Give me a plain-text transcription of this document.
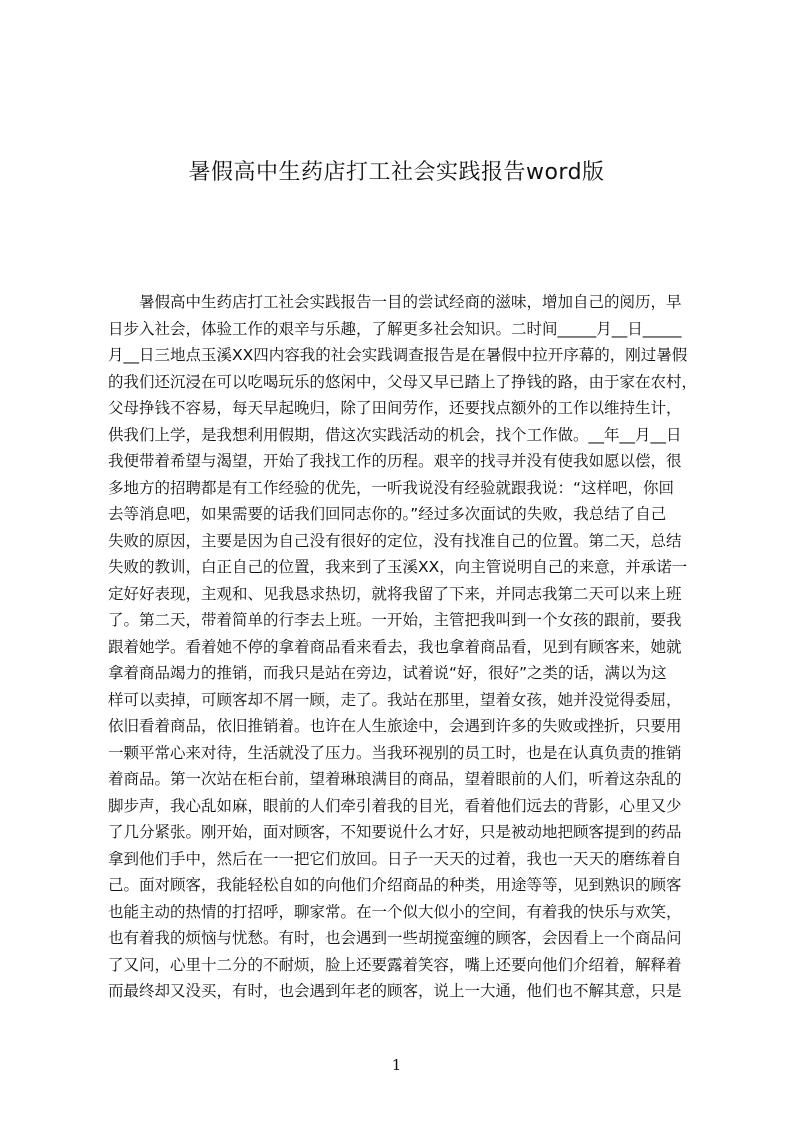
暑假高中生药店打工社会实践报告word版
　　暑假高中生药店打工社会实践报告一目的尝试经商的滋味，增加自己的阅历，早
日步入社会，体验工作的艰辛与乐趣，了解更多社会知识。二时间_____月__日_____
月__日三地点玉溪XX四内容我的社会实践调查报告是在暑假中拉开序幕的，刚过暑假
的我们还沉浸在可以吃喝玩乐的悠闲中，父母又早已踏上了挣钱的路，由于家在农村，
父母挣钱不容易，每天早起晚归，除了田间劳作，还要找点额外的工作以维持生计，
供我们上学，是我想利用假期，借这次实践活动的机会，找个工作做。__年__月__日
我便带着希望与渴望，开始了我找工作的历程。艰辛的找寻并没有使我如愿以偿，很
多地方的招聘都是有工作经验的优先，一听我说没有经验就跟我说：“这样吧，你回
去等消息吧，如果需要的话我们回同志你的。”经过多次面试的失败，我总结了自己
失败的原因，主要是因为自己没有很好的定位，没有找准自己的位置。第二天，总结
失败的教训，白正自己的位置，我来到了玉溪XX，向主管说明自己的来意，并承诺一
定好好表现，主观和、见我恳求热切，就将我留了下来，并同志我第二天可以来上班
了。第二天，带着简单的行李去上班。一开始，主管把我叫到一个女孩的跟前，要我
跟着她学。看着她不停的拿着商品看来看去，我也拿着商品看，见到有顾客来，她就
拿着商品竭力的推销，而我只是站在旁边，试着说“好，很好”之类的话，满以为这
样可以卖掉，可顾客却不屑一顾，走了。我站在那里，望着女孩，她并没觉得委屈，
依旧看着商品，依旧推销着。也许在人生旅途中，会遇到许多的失败或挫折，只要用
一颗平常心来对待，生活就没了压力。当我环视别的员工时，也是在认真负责的推销
着商品。第一次站在柜台前，望着琳琅满目的商品，望着眼前的人们，听着这杂乱的
脚步声，我心乱如麻，眼前的人们牵引着我的目光，看着他们远去的背影，心里又少
了几分紧张。刚开始，面对顾客，不知要说什么才好，只是被动地把顾客提到的药品
拿到他们手中，然后在一一把它们放回。日子一天天的过着，我也一天天的磨练着自
己。面对顾客，我能轻松自如的向他们介绍商品的种类，用途等等，见到熟识的顾客
也能主动的热情的打招呼，聊家常。在一个似大似小的空间，有着我的快乐与欢笑，
也有着我的烦恼与忧愁。有时，也会遇到一些胡搅蛮缠的顾客，会因看上一个商品问
了又问，心里十二分的不耐烦，脸上还要露着笑容，嘴上还要向他们介绍着，解释着
而最终却又没买，有时，也会遇到年老的顾客，说上一大通，他们也不解其意，只是
1
